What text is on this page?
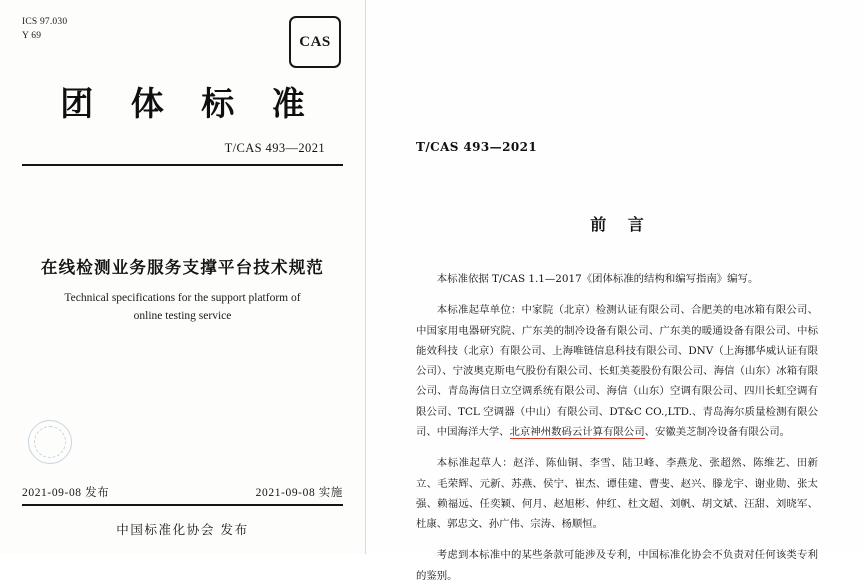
ICS 97.030
Y 69	CAS
团 体 标 准
T/CAS 493—2021
在线检测业务服务支撑平台技术规范
Technical specifications for the support platform of
online testing service
2021-09-08 发布	2021-09-08 实施
中国标准化协会 发布
T/CAS 493—2021
前 言

本标准依据 T/CAS 1.1—2017《团体标准的结构和编写指南》编写。

本标准起草单位：中家院（北京）检测认证有限公司、合肥美的电冰箱有限公司、中国家用电器研究院、广东美的制冷设备有限公司、广东美的暖通设备有限公司、中标能效科技（北京）有限公司、上海唯链信息科技有限公司、DNV（上海挪华威认证有限公司）、宁波奥克斯电气股份有限公司、长虹美菱股份有限公司、海信（山东）冰箱有限公司、青岛海信日立空调系统有限公司、海信（山东）空调有限公司、四川长虹空调有限公司、TCL 空调器（中山）有限公司、DT&C CO.,LTD.、青岛海尔质量检测有限公司、中国海洋大学、北京神州数码云计算有限公司、安徽美芝制冷设备有限公司。

本标准起草人：赵洋、陈仙铜、李雪、陆卫峰、李燕龙、张超然、陈维艺、田新立、毛荣辉、元新、苏燕、侯宁、崔杰、谭佳建、曹斐、赵兴、滕龙宇、谢业勋、张太强、赖福远、任奕颖、何月、赵旭彬、仲红、杜文超、刘帆、胡文斌、汪甜、刘晓军、杜康、郭忠文、孙广伟、宗涛、杨顺恒。

考虑到本标准中的某些条款可能涉及专利，中国标准化协会不负责对任何该类专利的鉴别。
